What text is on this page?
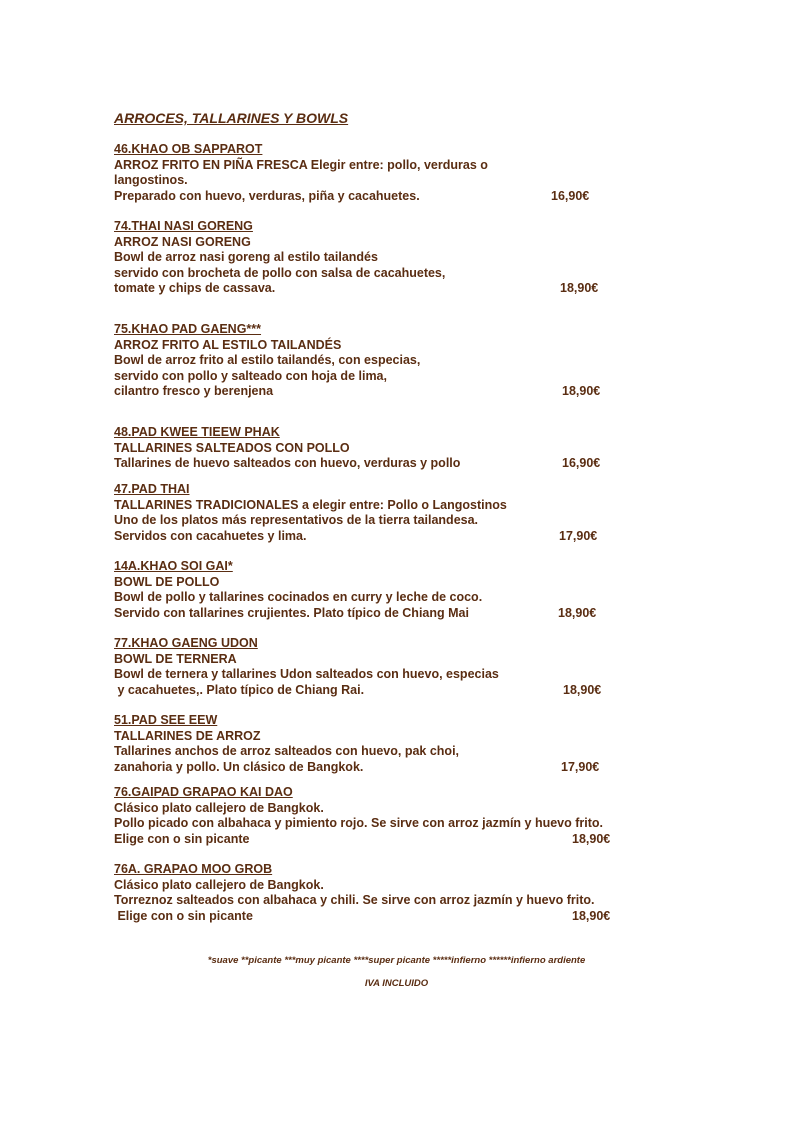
ARROCES, TALLARINES Y BOWLS
46.KHAO OB SAPPAROT
ARROZ FRITO EN PIÑA FRESCA Elegir entre: pollo, verduras o
langostinos.
Preparado con huevo, verduras, piña y cacahuetes.	16,90€
74.THAI NASI GORENG
ARROZ NASI GORENG
Bowl de arroz nasi goreng al estilo tailandés
servido con brocheta de pollo con salsa de cacahuetes,
tomate y chips de cassava.	18,90€
75.KHAO PAD GAENG***
ARROZ FRITO AL ESTILO TAILANDÉS
Bowl de arroz frito al estilo tailandés, con especias,
servido con pollo y salteado con hoja de lima,
cilantro fresco y berenjena	18,90€
48.PAD KWEE TIEEW PHAK
TALLARINES SALTEADOS CON POLLO
Tallarines de huevo salteados con huevo, verduras y pollo	16,90€
47.PAD THAI
TALLARINES TRADICIONALES a elegir entre: Pollo o Langostinos
Uno de los platos más representativos de la tierra tailandesa.
Servidos con cacahuetes y lima.	17,90€
14A.KHAO SOI GAI*
BOWL DE POLLO
Bowl de pollo y tallarines cocinados en curry y leche de coco.
Servido con tallarines crujientes. Plato típico de Chiang Mai	18,90€
77.KHAO GAENG UDON
BOWL DE TERNERA
Bowl de ternera y tallarines Udon salteados con huevo, especias
y cacahuetes,. Plato típico de Chiang Rai.	18,90€
51.PAD SEE EEW
TALLARINES DE ARROZ
Tallarines anchos de arroz salteados con huevo, pak choi,
zanahoria y pollo. Un clásico de Bangkok.	17,90€
76.GAIPAD GRAPAO KAI DAO
Clásico plato callejero de Bangkok.
Pollo picado con albahaca y pimiento rojo. Se sirve con arroz jazmín y huevo frito.
Elige con o sin picante	18,90€
76A. GRAPAO MOO GROB
Clásico plato callejero de Bangkok.
Torreznoz salteados con albahaca y chili. Se sirve con arroz jazmín y huevo frito.
Elige con o sin picante	18,90€
*suave **picante ***muy picante ****super picante *****infierno ******infierno ardiente
IVA INCLUIDO
